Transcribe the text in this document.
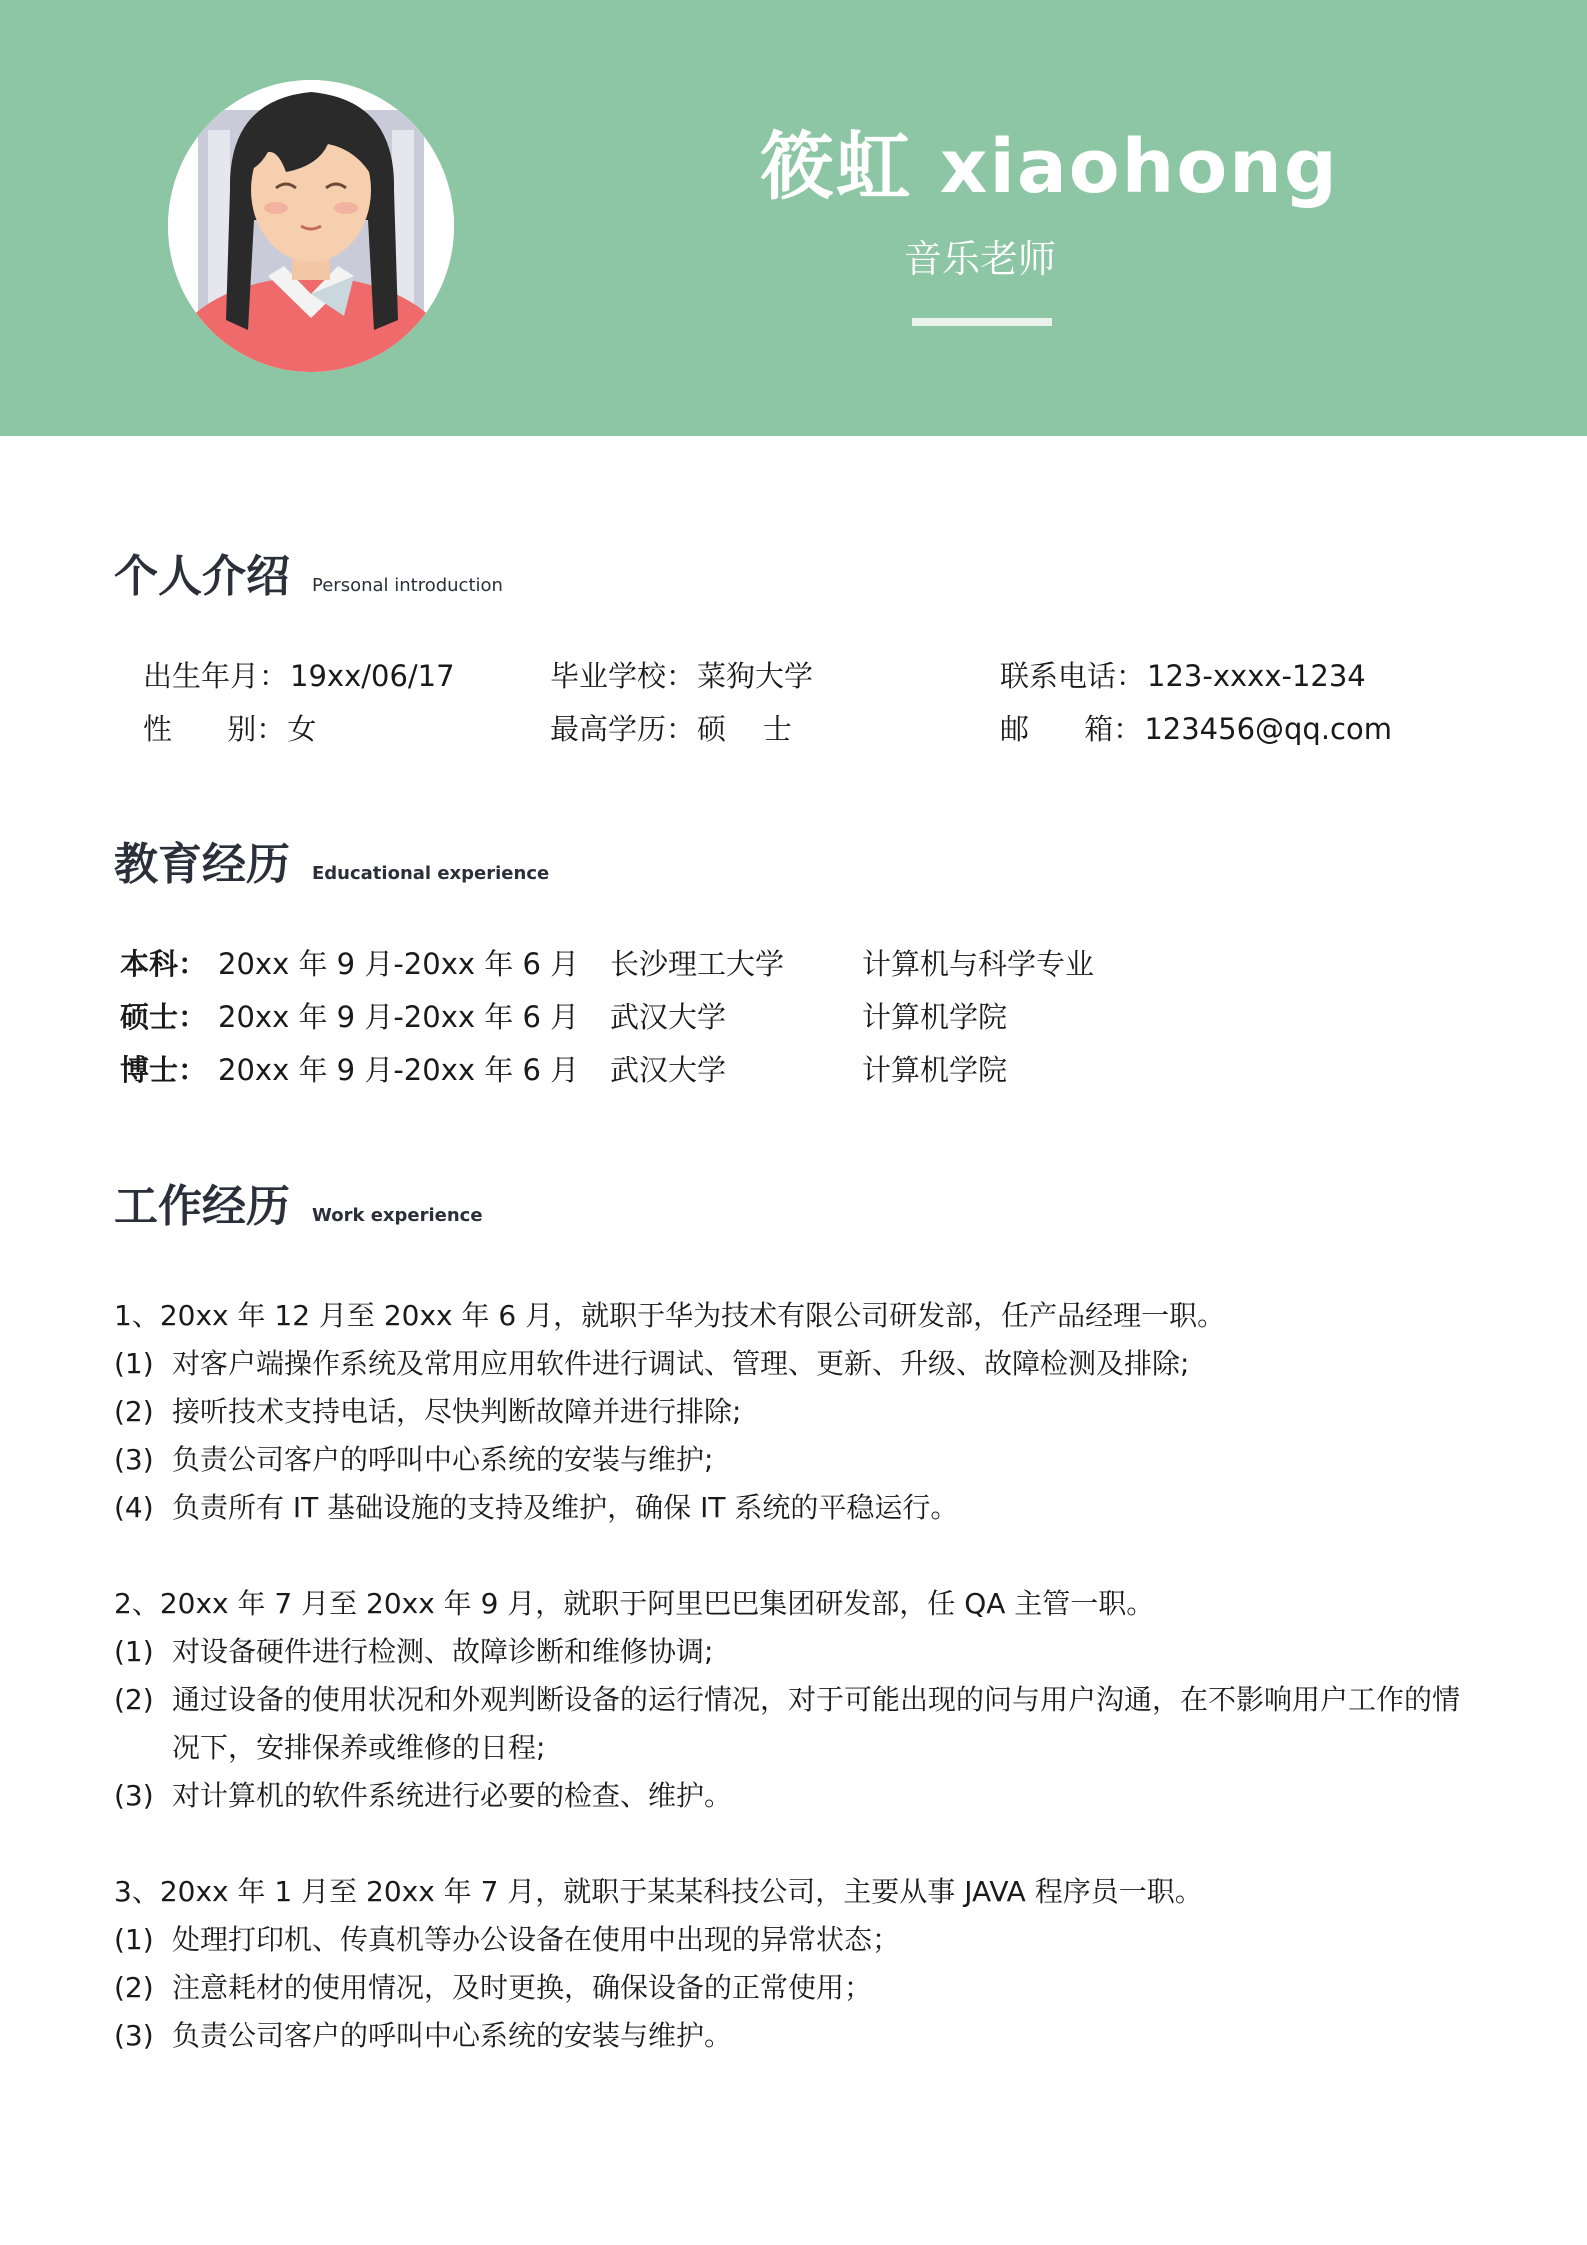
筱虹 xiaohong
音乐老师
个人介绍 Personal introduction
出生年月：19xx/06/17	毕业学校：菜狗大学	联系电话：123-xxxx-1234
性      别：女	最高学历：硕    士	邮      箱：123456@qq.com
教育经历 Educational experience
本科： 20xx 年 9 月-20xx 年 6 月 长沙理工大学	计算机与科学专业
硕士： 20xx 年 9 月-20xx 年 6 月 武汉大学	计算机学院
博士： 20xx 年 9 月-20xx 年 6 月 武汉大学	计算机学院
工作经历 Work experience
1、20xx 年 12 月至 20xx 年 6 月，就职于华为技术有限公司研发部，任产品经理一职。
(1) 对客户端操作系统及常用应用软件进行调试、管理、更新、升级、故障检测及排除;
(2) 接听技术支持电话，尽快判断故障并进行排除;
(3) 负责公司客户的呼叫中心系统的安装与维护;
(4) 负责所有 IT 基础设施的支持及维护，确保 IT 系统的平稳运行。
2、20xx 年 7 月至 20xx 年 9 月，就职于阿里巴巴集团研发部，任 QA 主管一职。
(1) 对设备硬件进行检测、故障诊断和维修协调;
(2) 通过设备的使用状况和外观判断设备的运行情况，对于可能出现的问与用户沟通，在不影响用户工作的情况下，安排保养或维修的日程;
(3) 对计算机的软件系统进行必要的检查、维护。
3、20xx 年 1 月至 20xx 年 7 月，就职于某某科技公司，主要从事 JAVA 程序员一职。
(1) 处理打印机、传真机等办公设备在使用中出现的异常状态；
(2) 注意耗材的使用情况，及时更换，确保设备的正常使用；
(3) 负责公司客户的呼叫中心系统的安装与维护。
